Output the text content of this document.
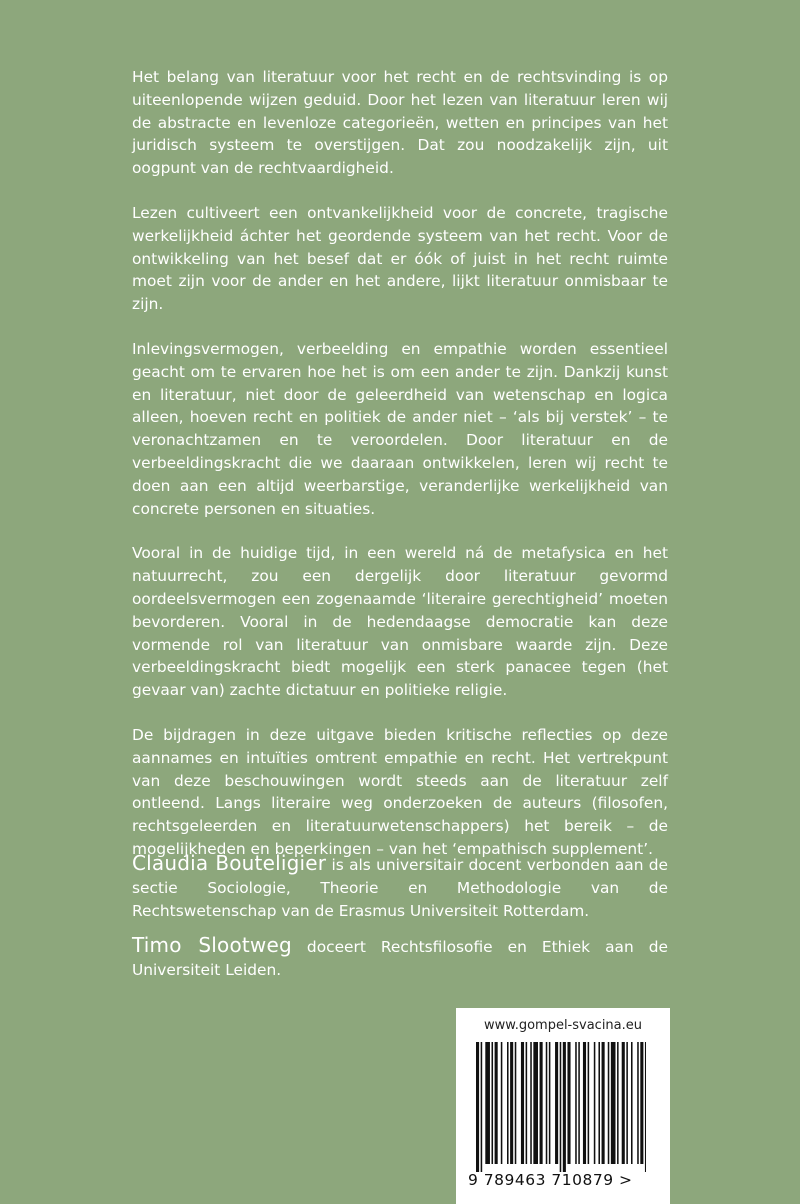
Het belang van literatuur voor het recht en de rechtsvinding is op uiteenlopende wijzen geduid. Door het lezen van literatuur leren wij de abstracte en levenloze categorieën, wetten en principes van het juridisch systeem te overstijgen. Dat zou noodzakelijk zijn, uit oogpunt van de rechtvaardigheid.

Lezen cultiveert een ontvankelijkheid voor de concrete, tragische werkelijkheid áchter het geordende systeem van het recht. Voor de ontwikkeling van het besef dat er óók of juist in het recht ruimte moet zijn voor de ander en het andere, lijkt literatuur onmisbaar te zijn.

Inlevingsvermogen, verbeelding en empathie worden essentieel geacht om te ervaren hoe het is om een ander te zijn. Dankzij kunst en literatuur, niet door de geleerdheid van wetenschap en logica alleen, hoeven recht en politiek de ander niet – ‘als bij verstek’ – te veronachtzamen en te veroordelen. Door literatuur en de verbeeldingskracht die we daaraan ontwikkelen, leren wij recht te doen aan een altijd weerbarstige, veranderlijke werkelijkheid van concrete personen en situaties.

Vooral in de huidige tijd, in een wereld ná de metafysica en het natuurrecht, zou een dergelijk door literatuur gevormd oordeelsvermogen een zogenaamde ‘literaire gerechtigheid’ moeten bevorderen. Vooral in de hedendaagse democratie kan deze vormende rol van literatuur van onmisbare waarde zijn. Deze verbeeldingskracht biedt mogelijk een sterk panacee tegen (het gevaar van) zachte dictatuur en politieke religie.

De bijdragen in deze uitgave bieden kritische reflecties op deze aannames en intuïties omtrent empathie en recht. Het vertrekpunt van deze beschouwingen wordt steeds aan de literatuur zelf ontleend. Langs literaire weg onderzoeken de auteurs (filosofen, rechtsgeleerden en literatuurwetenschappers) het bereik – de mogelijkheden en beperkingen – van het ‘empathisch supplement’.

Claudia Bouteligier is als universitair docent verbonden aan de sectie Sociologie, Theorie en Methodologie van de Rechtswetenschap van de Erasmus Universiteit Rotterdam.

Timo Slootweg doceert Rechtsfilosofie en Ethiek aan de Universiteit Leiden.

www.gompel-svacina.eu
9 789463 710879 >
